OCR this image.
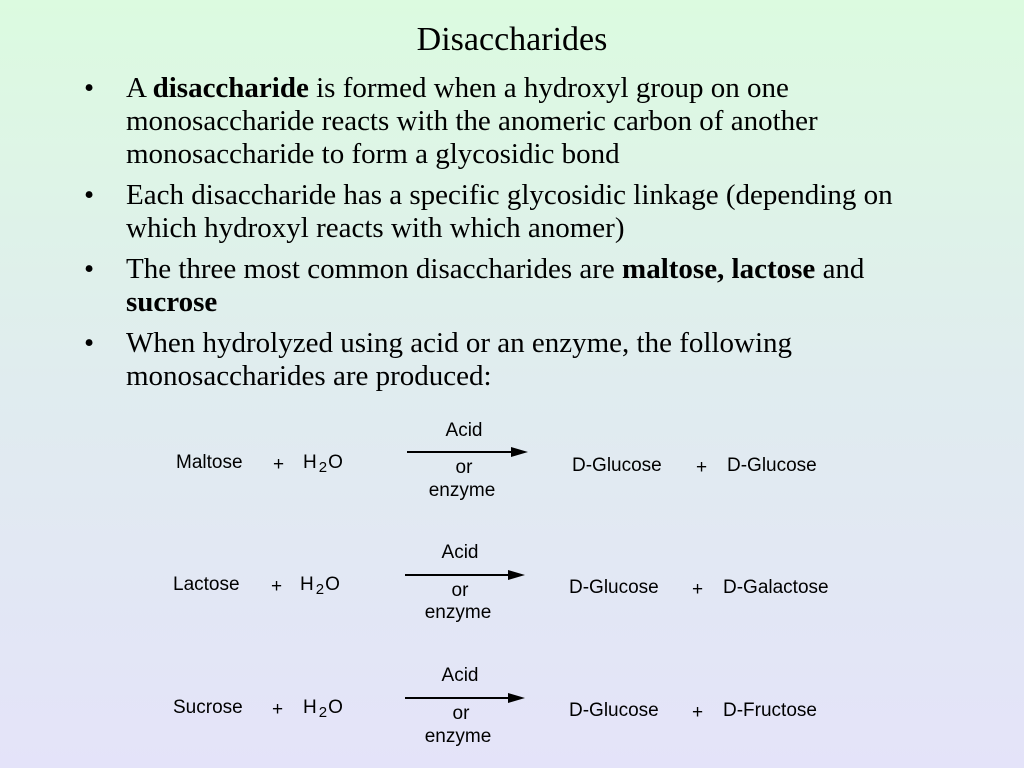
Disaccharides
• A disaccharide is formed when a hydroxyl group on one monosaccharide reacts with the anomeric carbon of another monosaccharide to form a glycosidic bond
• Each disaccharide has a specific glycosidic linkage (depending on which hydroxyl reacts with which anomer)
• The three most common disaccharides are maltose, lactose and sucrose
• When hydrolyzed using acid or an enzyme, the following monosaccharides are produced:
Maltose + H $_2$O
Acid
or
enzyme
D-Glucose + D-Glucose
Lactose + H $_2$O
Acid
or
enzyme
D-Glucose + D-Galactose
Sucrose + H $_2$O
Acid
or
enzyme
D-Glucose + D-Fructose
